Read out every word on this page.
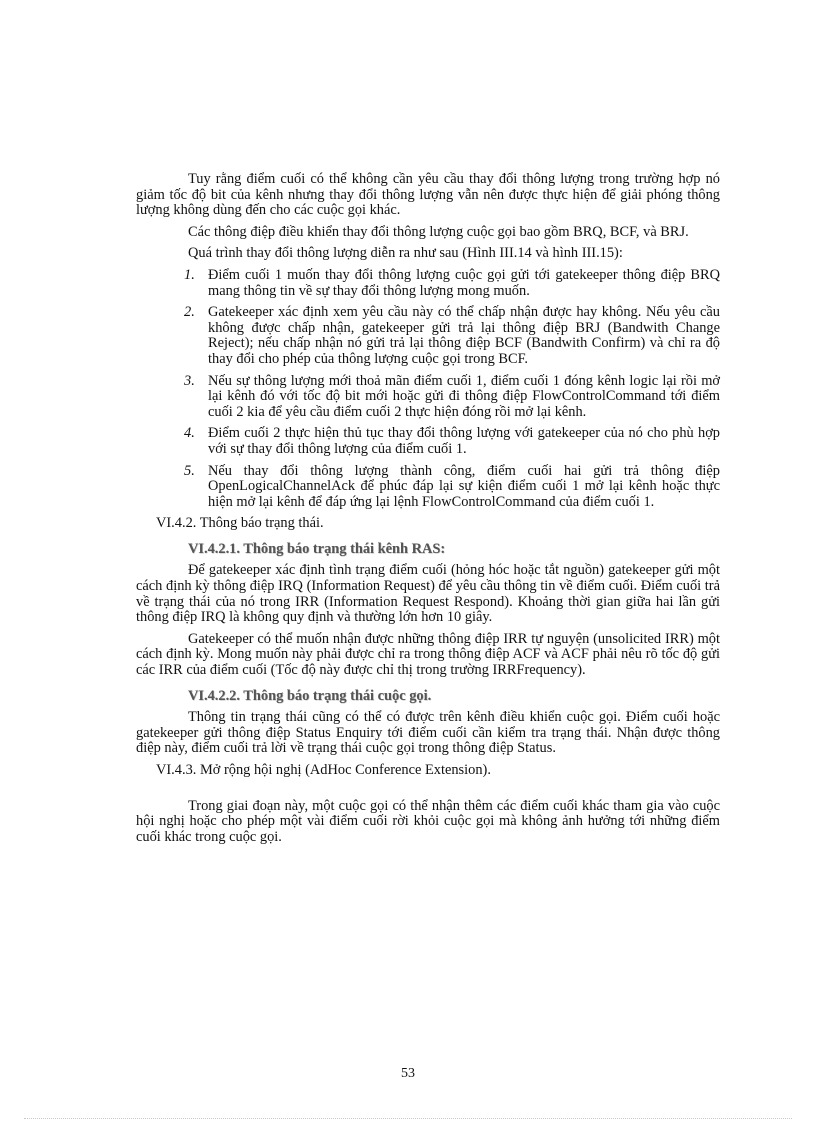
Tuy rằng điểm cuối có thể không cần yêu cầu thay đổi thông lượng trong trường hợp nó giảm tốc độ bit của kênh nhưng thay đổi thông lượng vẫn nên được thực hiện để giải phóng thông lượng không dùng đến cho các cuộc gọi khác.

Các thông điệp điều khiển thay đổi thông lượng cuộc gọi bao gồm BRQ, BCF, và BRJ.

Quá trình thay đổi thông lượng diễn ra như sau (Hình III.14 và hình III.15):

1. Điểm cuối 1 muốn thay đổi thông lượng cuộc gọi gửi tới gatekeeper thông điệp BRQ mang thông tin về sự thay đổi thông lượng mong muốn.
2. Gatekeeper xác định xem yêu cầu này có thể chấp nhận được hay không. Nếu yêu cầu không được chấp nhận, gatekeeper gửi trả lại thông điệp BRJ (Bandwith Change Reject); nếu chấp nhận nó gửi trả lại thông điệp BCF (Bandwith Confirm) và chỉ ra độ thay đổi cho phép của thông lượng cuộc gọi trong BCF.
3. Nếu sự thông lượng mới thoả mãn điểm cuối 1, điểm cuối 1 đóng kênh logic lại rồi mở lại kênh đó với tốc độ bit mới hoặc gửi đi thông điệp FlowControlCommand tới điểm cuối 2 kia để yêu cầu điểm cuối 2 thực hiện đóng rồi mở lại kênh.
4. Điểm cuối 2 thực hiện thủ tục thay đổi thông lượng với gatekeeper của nó cho phù hợp với sự thay đổi thông lượng của điểm cuối 1.
5. Nếu thay đổi thông lượng thành công, điểm cuối hai gửi trả thông điệp OpenLogicalChannelAck để phúc đáp lại sự kiện điểm cuối 1 mở lại kênh hoặc thực hiện mở lại kênh để đáp ứng lại lệnh FlowControlCommand của điểm cuối 1.

VI.4.2. Thông báo trạng thái.

VI.4.2.1. Thông báo trạng thái kênh RAS:

Để gatekeeper xác định tình trạng điểm cuối (hỏng hóc hoặc tắt nguồn) gatekeeper gửi một cách định kỳ thông điệp IRQ (Information Request) để yêu cầu thông tin về điểm cuối. Điểm cuối trả về trạng thái của nó trong IRR (Information Request Respond). Khoảng thời gian giữa hai lần gửi thông điệp IRQ là không quy định và thường lớn hơn 10 giây.

Gatekeeper có thể muốn nhận được những thông điệp IRR tự nguyện (unsolicited IRR) một cách định kỳ. Mong muốn này phải được chỉ ra trong thông điệp ACF và ACF phải nêu rõ tốc độ gửi các IRR của điểm cuối (Tốc độ này được chỉ thị trong trường IRRFrequency).

VI.4.2.2. Thông báo trạng thái cuộc gọi.

Thông tin trạng thái cũng có thể có được trên kênh điều khiển cuộc gọi. Điểm cuối hoặc gatekeeper gửi thông điệp Status Enquiry tới điểm cuối cần kiểm tra trạng thái. Nhận được thông điệp này, điểm cuối trả lời về trạng thái cuộc gọi trong thông điệp Status.

VI.4.3. Mở rộng hội nghị (AdHoc Conference Extension).

Trong giai đoạn này, một cuộc gọi có thể nhận thêm các điểm cuối khác tham gia vào cuộc hội nghị hoặc cho phép một vài điểm cuối rời khỏi cuộc gọi mà không ảnh hưởng tới những điểm cuối khác trong cuộc gọi.

53
